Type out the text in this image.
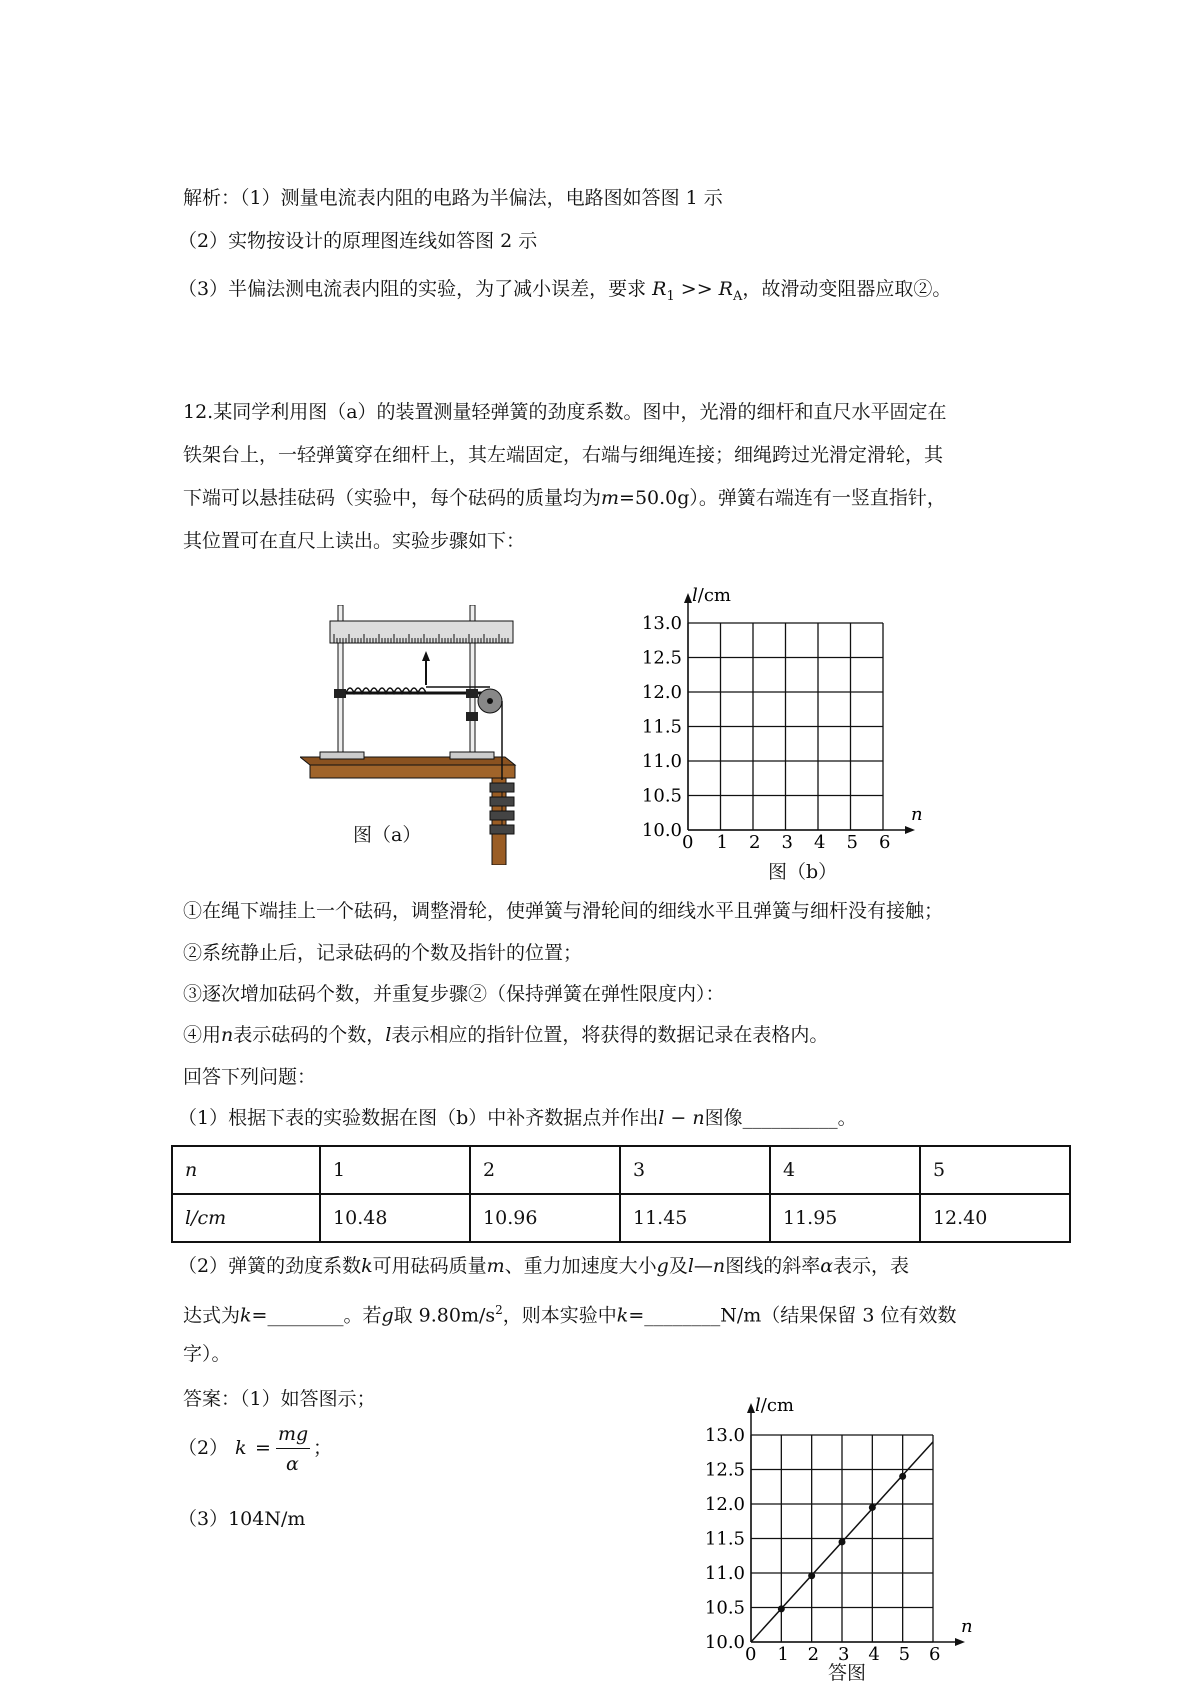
解析：（1）测量电流表内阻的电路为半偏法，电路图如答图 1 示
（2）实物按设计的原理图连线如答图 2 示
（3）半偏法测电流表内阻的实验，为了减小误差，要求 $R_1 >> R_A$，故滑动变阻器应取②。
12.某同学利用图（a）的装置测量轻弹簧的劲度系数。图中，光滑的细杆和直尺水平固定在
铁架台上，一轻弹簧穿在细杆上，其左端固定，右端与细绳连接；细绳跨过光滑定滑轮，其
下端可以悬挂砝码（实验中，每个砝码的质量均为m=50.0g）。弹簧右端连有一竖直指针，
其位置可在直尺上读出。实验步骤如下：
图（a）
13.0
12.5
12.0
11.5
11.0
10.5
10.0
0 1 2 3 4 5 6
l/cm
n
图（b）
①在绳下端挂上一个砝码，调整滑轮，使弹簧与滑轮间的细线水平且弹簧与细杆没有接触；
②系统静止后，记录砝码的个数及指针的位置；
③逐次增加砝码个数，并重复步骤②（保持弹簧在弹性限度内）：
④用n表示砝码的个数，l表示相应的指针位置，将获得的数据记录在表格内。
回答下列问题：
（1）根据下表的实验数据在图（b）中补齐数据点并作出l − n图像__________。
n	1	2	3	4	5
l/cm	10.48	10.96	11.45	11.95	12.40
（2）弹簧的劲度系数k可用砝码质量m、重力加速度大小g及l—n图线的斜率α表示，表
达式为k=________。若g取 $9.80m/s^2$，则本实验中k=________N/m（结果保留 3 位有效数
字）。
答案：（1）如答图示；
（2） k =
mg
α
；
（3）104N/m
13.0
12.5
12.0
11.5
11.0
10.5
10.0
0 1 2 3 4 5 6
l/cm
n
答图
